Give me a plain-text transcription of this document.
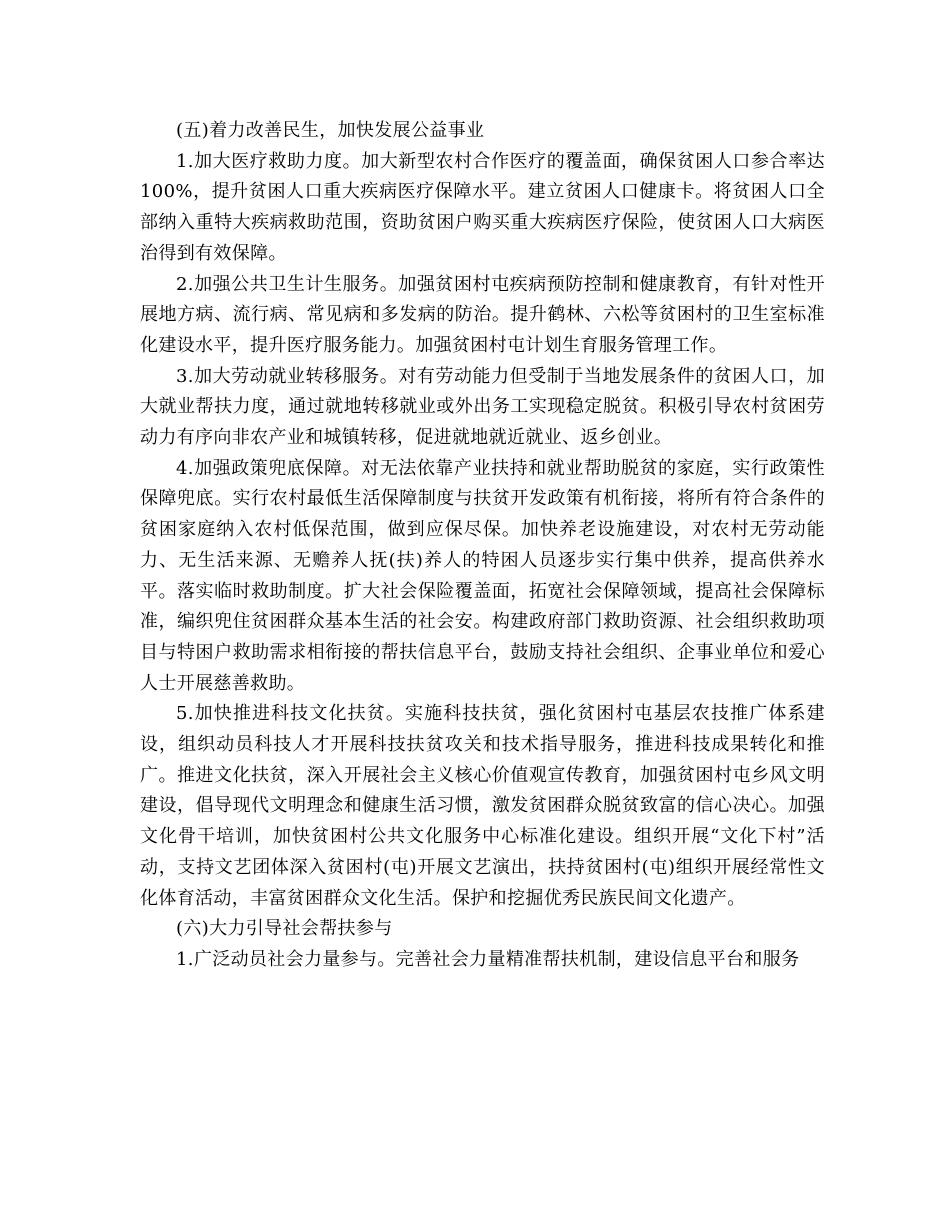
(五)着力改善民生，加快发展公益事业

1.加大医疗救助力度。加大新型农村合作医疗的覆盖面，确保贫困人口参合率达100%，提升贫困人口重大疾病医疗保障水平。建立贫困人口健康卡。将贫困人口全部纳入重特大疾病救助范围，资助贫困户购买重大疾病医疗保险，使贫困人口大病医治得到有效保障。

2.加强公共卫生计生服务。加强贫困村屯疾病预防控制和健康教育，有针对性开展地方病、流行病、常见病和多发病的防治。提升鹤林、六松等贫困村的卫生室标准化建设水平，提升医疗服务能力。加强贫困村屯计划生育服务管理工作。

3.加大劳动就业转移服务。对有劳动能力但受制于当地发展条件的贫困人口，加大就业帮扶力度，通过就地转移就业或外出务工实现稳定脱贫。积极引导农村贫困劳动力有序向非农产业和城镇转移，促进就地就近就业、返乡创业。

4.加强政策兜底保障。对无法依靠产业扶持和就业帮助脱贫的家庭，实行政策性保障兜底。实行农村最低生活保障制度与扶贫开发政策有机衔接，将所有符合条件的贫困家庭纳入农村低保范围，做到应保尽保。加快养老设施建设，对农村无劳动能力、无生活来源、无赡养人抚(扶)养人的特困人员逐步实行集中供养，提高供养水平。落实临时救助制度。扩大社会保险覆盖面，拓宽社会保障领域，提高社会保障标准，编织兜住贫困群众基本生活的社会安。构建政府部门救助资源、社会组织救助项目与特困户救助需求相衔接的帮扶信息平台，鼓励支持社会组织、企事业单位和爱心人士开展慈善救助。

5.加快推进科技文化扶贫。实施科技扶贫，强化贫困村屯基层农技推广体系建设，组织动员科技人才开展科技扶贫攻关和技术指导服务，推进科技成果转化和推广。推进文化扶贫，深入开展社会主义核心价值观宣传教育，加强贫困村屯乡风文明建设，倡导现代文明理念和健康生活习惯，激发贫困群众脱贫致富的信心决心。加强文化骨干培训，加快贫困村公共文化服务中心标准化建设。组织开展“文化下村”活动，支持文艺团体深入贫困村(屯)开展文艺演出，扶持贫困村(屯)组织开展经常性文化体育活动，丰富贫困群众文化生活。保护和挖掘优秀民族民间文化遗产。

(六)大力引导社会帮扶参与

1.广泛动员社会力量参与。完善社会力量精准帮扶机制，建设信息平台和服务
